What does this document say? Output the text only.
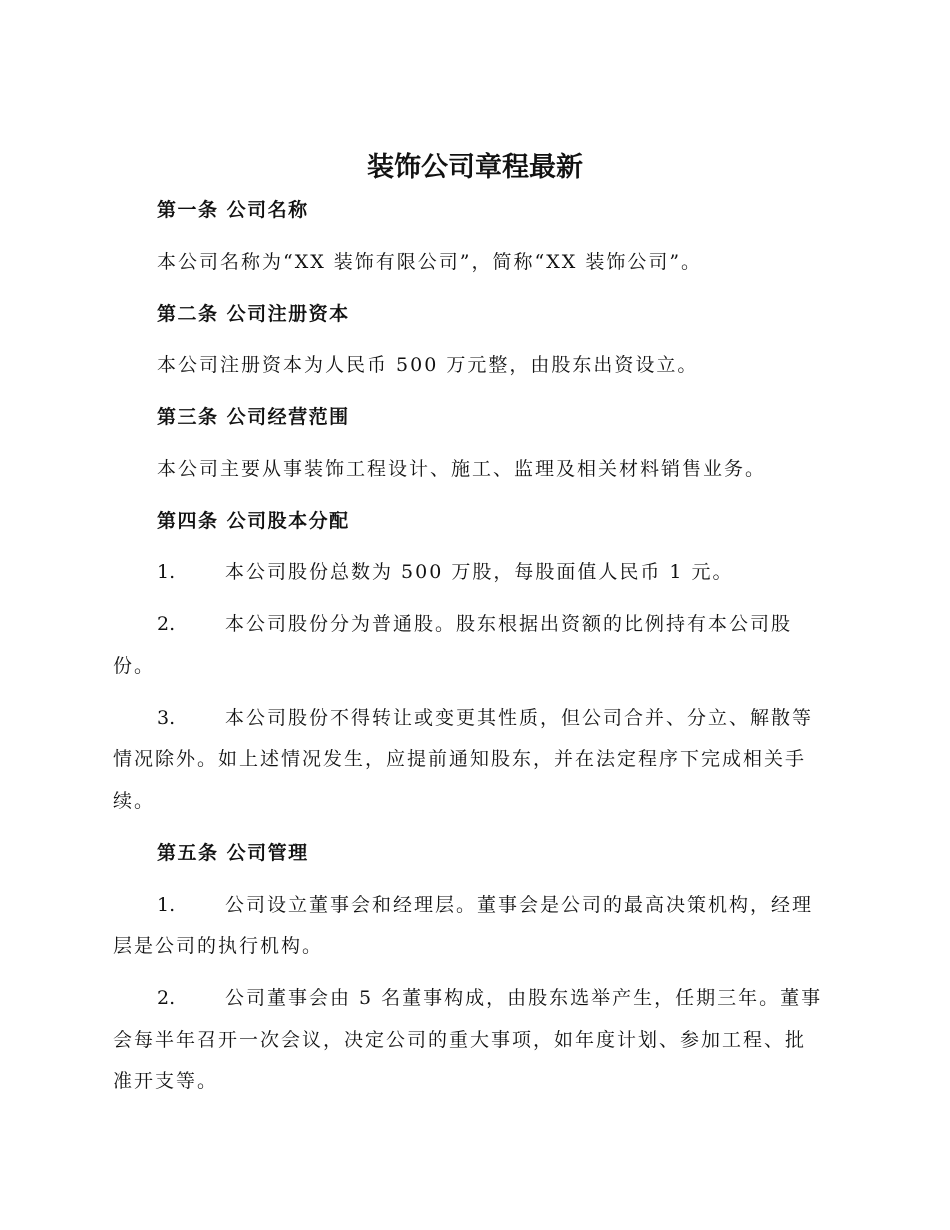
装饰公司章程最新
第一条 公司名称
本公司名称为“XX 装饰有限公司”，简称“XX 装饰公司”。
第二条 公司注册资本
本公司注册资本为人民币 500 万元整，由股东出资设立。
第三条 公司经营范围
本公司主要从事装饰工程设计、施工、监理及相关材料销售业务。
第四条 公司股本分配
1.	本公司股份总数为 500 万股，每股面值人民币 1 元。
2.	本公司股份分为普通股。股东根据出资额的比例持有本公司股
份。
3.	本公司股份不得转让或变更其性质，但公司合并、分立、解散等
情况除外。如上述情况发生，应提前通知股东，并在法定程序下完成相关手
续。
第五条 公司管理
1.	公司设立董事会和经理层。董事会是公司的最高决策机构，经理
层是公司的执行机构。
2.	公司董事会由 5 名董事构成，由股东选举产生，任期三年。董事
会每半年召开一次会议，决定公司的重大事项，如年度计划、参加工程、批
准开支等。
